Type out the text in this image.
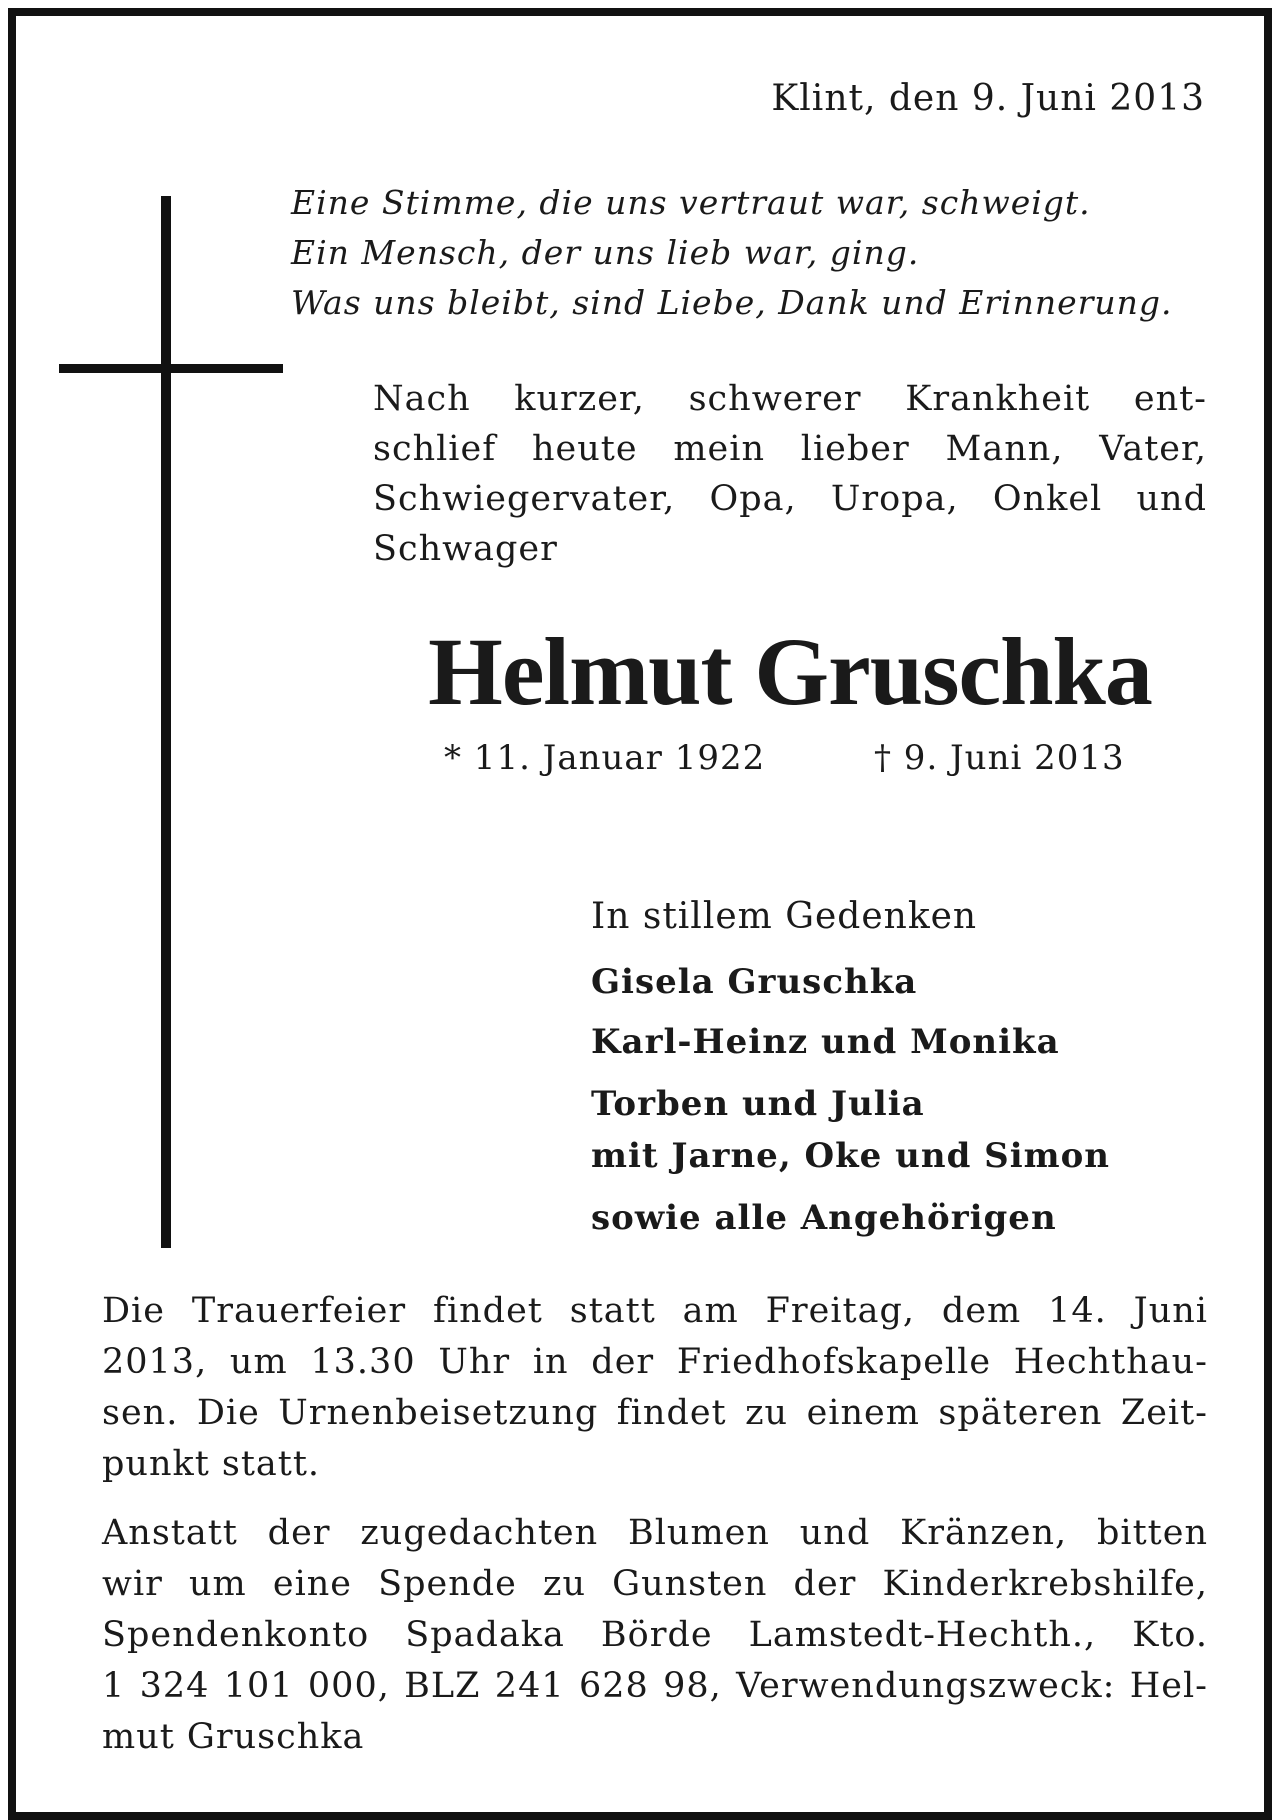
Klint, den 9. Juni 2013
Eine Stimme, die uns vertraut war, schweigt.
Ein Mensch, der uns lieb war, ging.
Was uns bleibt, sind Liebe, Dank und Erinnerung.
Nach kurzer, schwerer Krankheit ent-
schlief heute mein lieber Mann, Vater,
Schwiegervater, Opa, Uropa, Onkel und
Schwager
Helmut Gruschka
* 11. Januar 1922	† 9. Juni 2013
In stillem Gedenken
Gisela Gruschka
Karl-Heinz und Monika
Torben und Julia
mit Jarne, Oke und Simon
sowie alle Angehörigen
Die Trauerfeier findet statt am Freitag, dem 14. Juni
2013, um 13.30 Uhr in der Friedhofskapelle Hechthau-
sen. Die Urnenbeisetzung findet zu einem späteren Zeit-
punkt statt.
Anstatt der zugedachten Blumen und Kränzen, bitten
wir um eine Spende zu Gunsten der Kinderkrebshilfe,
Spendenkonto Spadaka Börde Lamstedt-Hechth., Kto.
1 324 101 000, BLZ 241 628 98, Verwendungszweck: Hel-
mut Gruschka
